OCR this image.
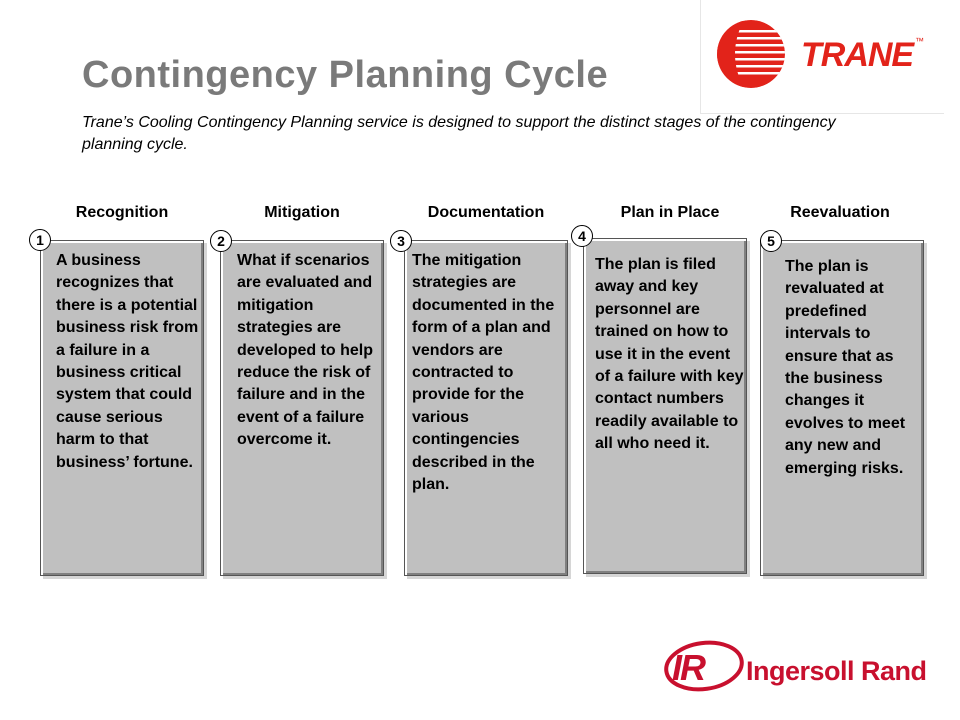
TRANE ™
Contingency Planning Cycle
Trane’s Cooling Contingency Planning service is designed to support the distinct stages of the contingency planning cycle.
Recognition
A business recognizes that there is a potential business risk from a failure in a business critical system that could cause serious harm to that business’ fortune.
1
Mitigation
What if scenarios are evaluated and mitigation strategies are developed to help reduce the risk of failure and in the event of a failure overcome it.
2
Documentation
The mitigation strategies are documented in the form of a plan and vendors are contracted to provide for the various contingencies described in the plan.
3
Plan in Place
The plan is filed away and key personnel are trained on how to use it in the event of a failure with key contact numbers readily available to all who need it.
4
Reevaluation
The plan is revaluated at predefined intervals to ensure that as the business changes it evolves to meet any new and emerging risks.
5
IR Ingersoll Rand
